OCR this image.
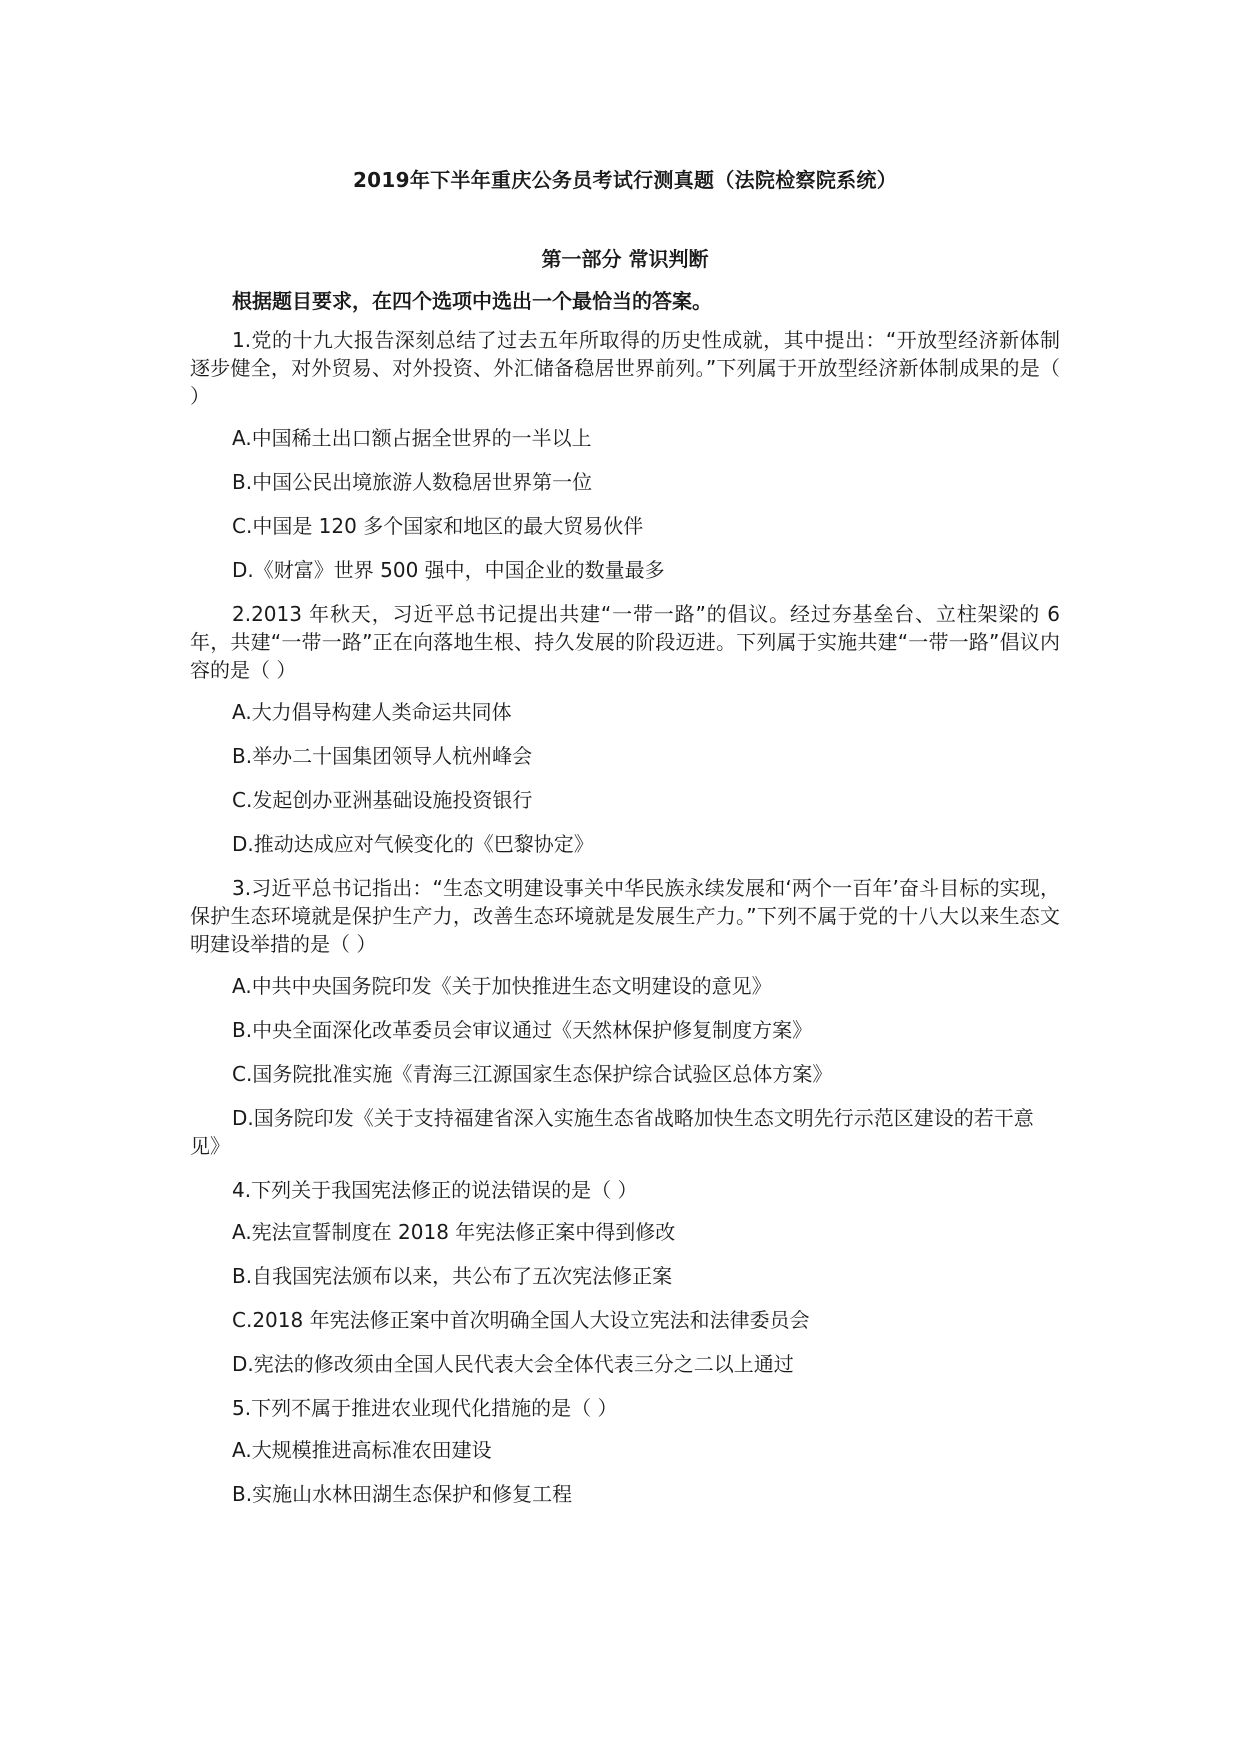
2019年下半年重庆公务员考试行测真题（法院检察院系统）
第一部分 常识判断
根据题目要求，在四个选项中选出一个最恰当的答案。
1.党的十九大报告深刻总结了过去五年所取得的历史性成就，其中提出：“开放型经济新体制逐步健全，对外贸易、对外投资、外汇储备稳居世界前列。”下列属于开放型经济新体制成果的是（ ）
A.中国稀土出口额占据全世界的一半以上
B.中国公民出境旅游人数稳居世界第一位
C.中国是 120 多个国家和地区的最大贸易伙伴
D.《财富》世界 500 强中，中国企业的数量最多
2.2013 年秋天，习近平总书记提出共建“一带一路”的倡议。经过夯基垒台、立柱架梁的 6 年，共建“一带一路”正在向落地生根、持久发展的阶段迈进。下列属于实施共建“一带一路”倡议内容的是（ ）
A.大力倡导构建人类命运共同体
B.举办二十国集团领导人杭州峰会
C.发起创办亚洲基础设施投资银行
D.推动达成应对气候变化的《巴黎协定》
3.习近平总书记指出：“生态文明建设事关中华民族永续发展和‘两个一百年’奋斗目标的实现，保护生态环境就是保护生产力，改善生态环境就是发展生产力。”下列不属于党的十八大以来生态文明建设举措的是（ ）
A.中共中央国务院印发《关于加快推进生态文明建设的意见》
B.中央全面深化改革委员会审议通过《天然林保护修复制度方案》
C.国务院批准实施《青海三江源国家生态保护综合试验区总体方案》
D.国务院印发《关于支持福建省深入实施生态省战略加快生态文明先行示范区建设的若干意见》
4.下列关于我国宪法修正的说法错误的是（ ）
A.宪法宣誓制度在 2018 年宪法修正案中得到修改
B.自我国宪法颁布以来，共公布了五次宪法修正案
C.2018 年宪法修正案中首次明确全国人大设立宪法和法律委员会
D.宪法的修改须由全国人民代表大会全体代表三分之二以上通过
5.下列不属于推进农业现代化措施的是（ ）
A.大规模推进高标准农田建设
B.实施山水林田湖生态保护和修复工程
